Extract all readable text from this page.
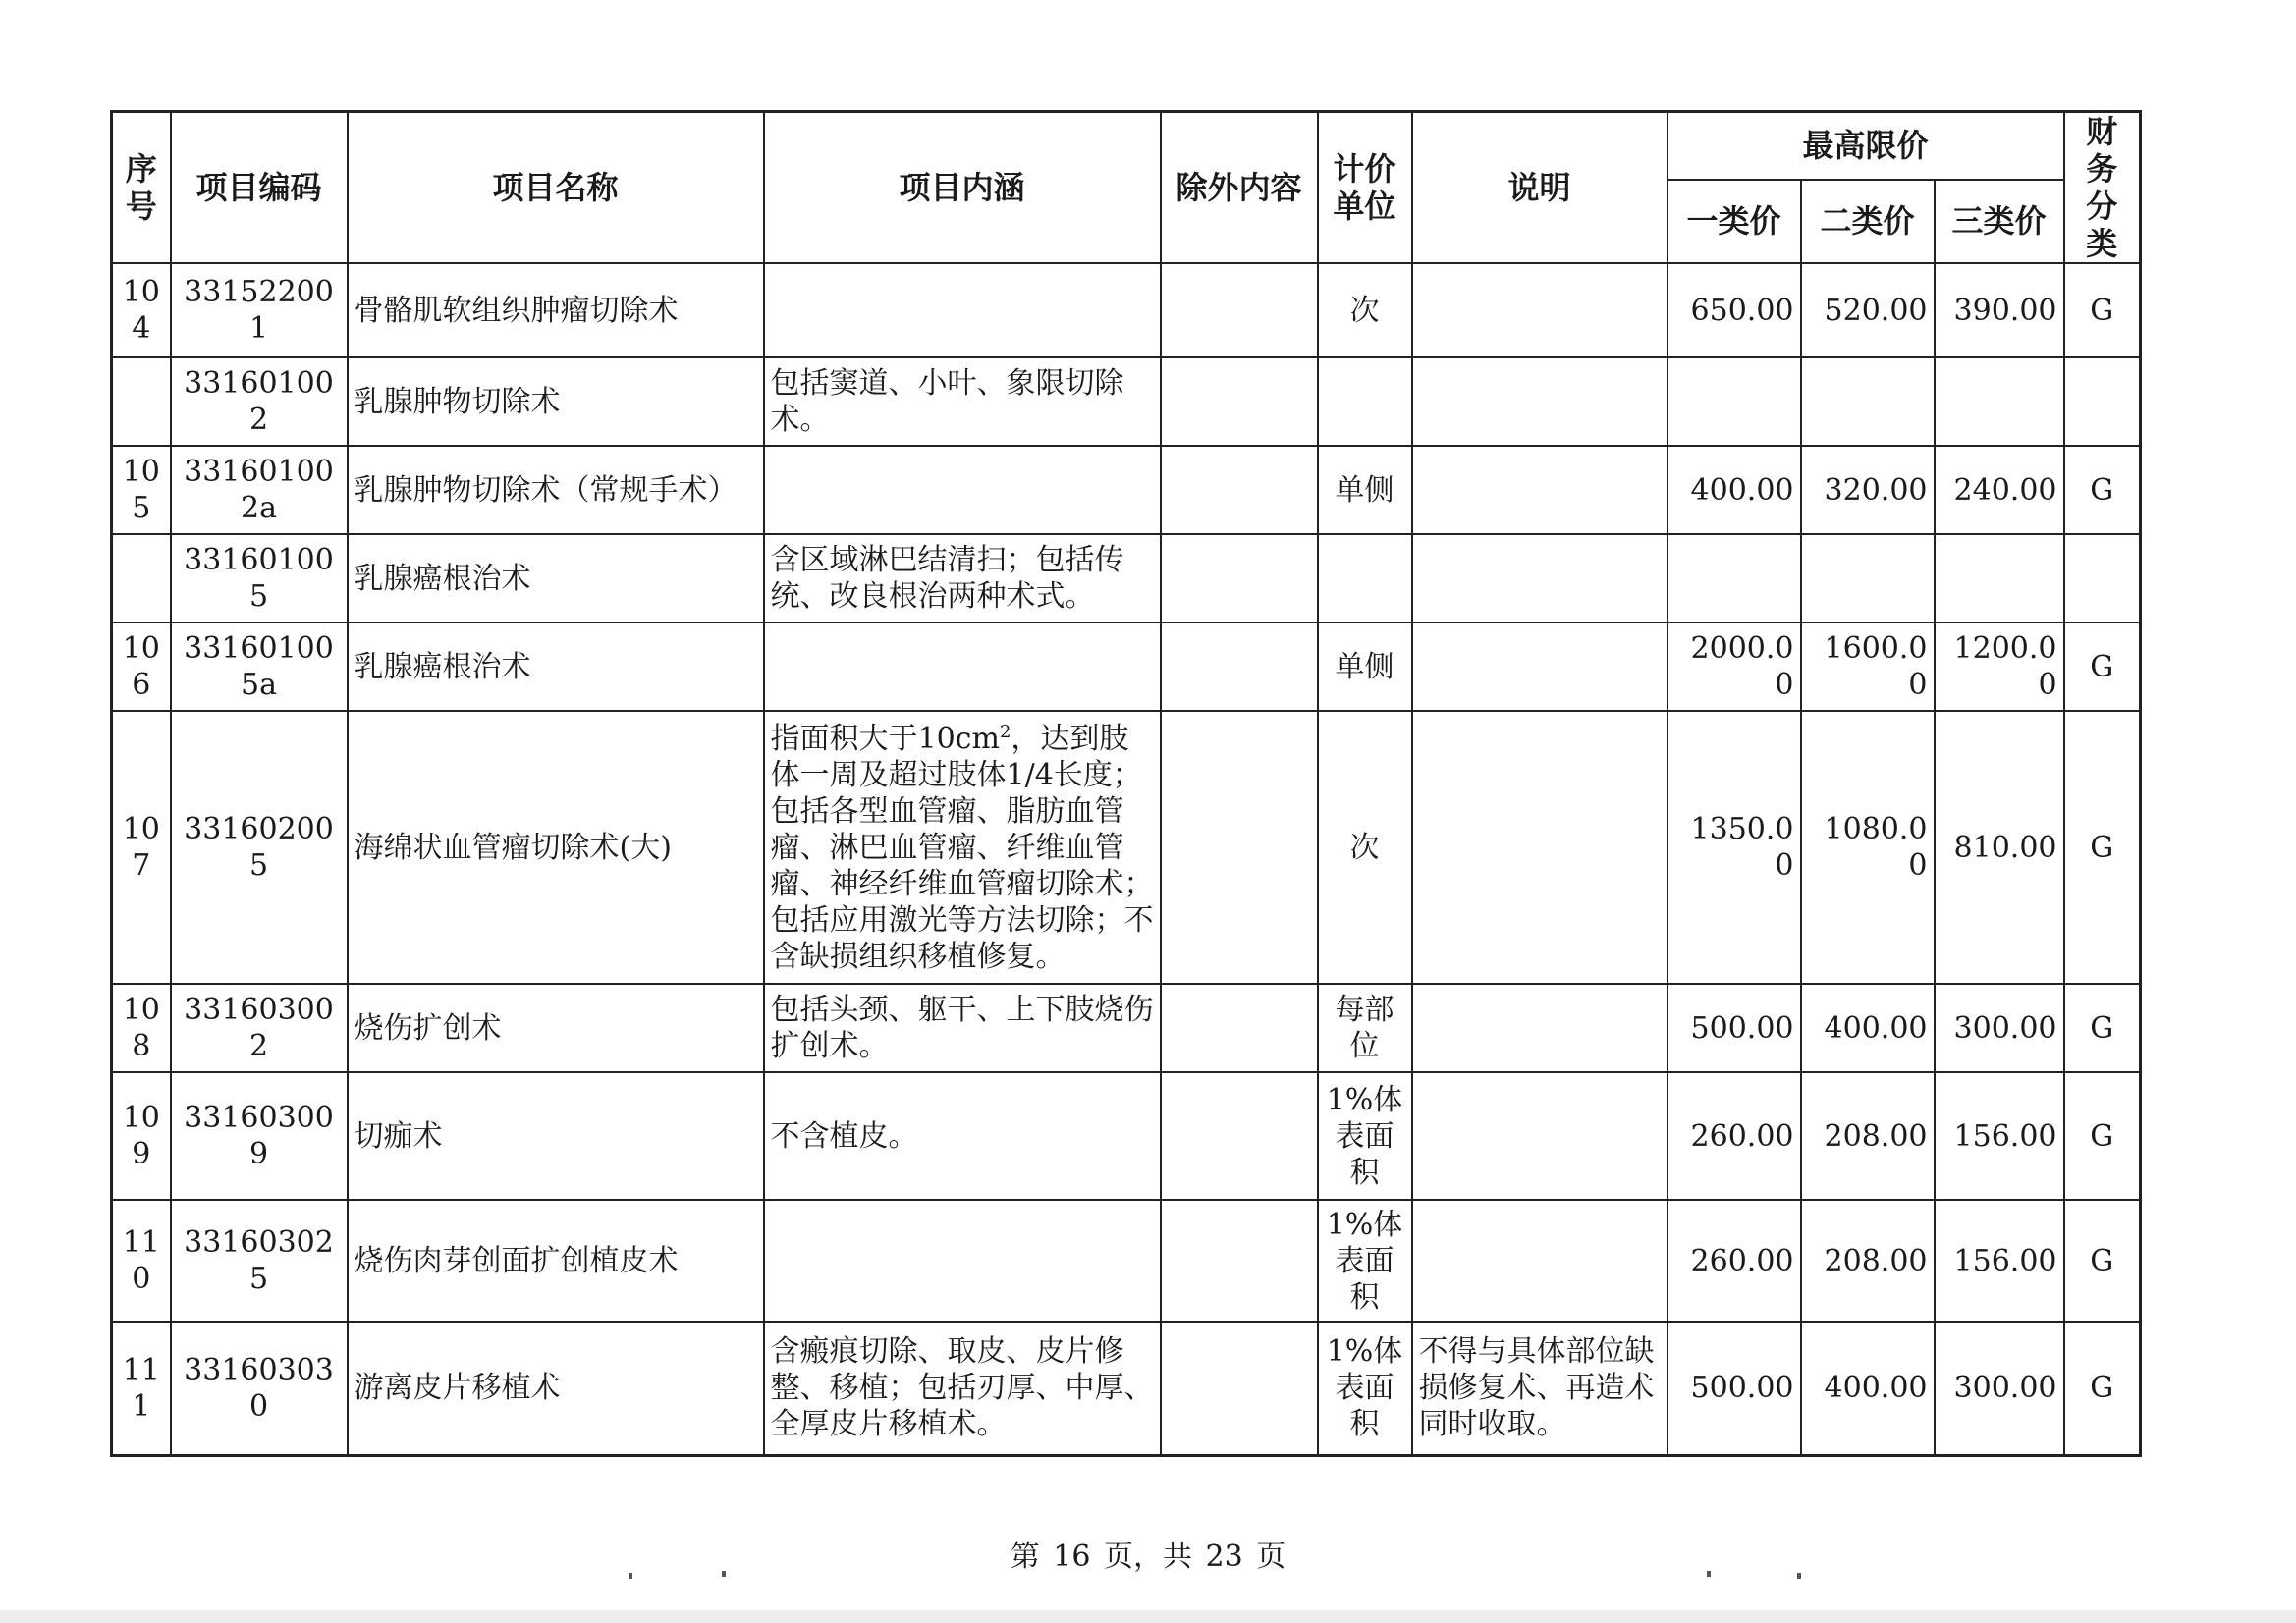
序号	项目编码	项目名称	项目内涵	除外内容	计价单位	说明	最高限价			财务分类
							一类价	二类价	三类价	
104	331522001	骨骼肌软组织肿瘤切除术			次		650.00	520.00	390.00	G
	331601002	乳腺肿物切除术	包括窦道、小叶、象限切除术。							
105	331601002a	乳腺肿物切除术（常规手术）			单侧		400.00	320.00	240.00	G
	331601005	乳腺癌根治术	含区域淋巴结清扫；包括传统、改良根治两种术式。							
106	331601005a	乳腺癌根治术			单侧		2000.00	1600.00	1200.00	G
107	331602005	海绵状血管瘤切除术(大)	指面积大于$10cm^2$，达到肢体一周及超过肢体1/4长度；包括各型血管瘤、脂肪血管瘤、淋巴血管瘤、纤维血管瘤、神经纤维血管瘤切除术；包括应用激光等方法切除；不含缺损组织移植修复。		次		1350.00	1080.00	810.00	G
108	331603002	烧伤扩创术	包括头颈、躯干、上下肢烧伤扩创术。		每部位		500.00	400.00	300.00	G
109	331603009	切痂术	不含植皮。		1%体表面积		260.00	208.00	156.00	G
110	331603025	烧伤肉芽创面扩创植皮术			1%体表面积		260.00	208.00	156.00	G
111	331603030	游离皮片移植术	含瘢痕切除、取皮、皮片修整、移植；包括刃厚、中厚、全厚皮片移植术。		1%体表面积	不得与具体部位缺损修复术、再造术同时收取。	500.00	400.00	300.00	G
第 16 页，共 23 页
